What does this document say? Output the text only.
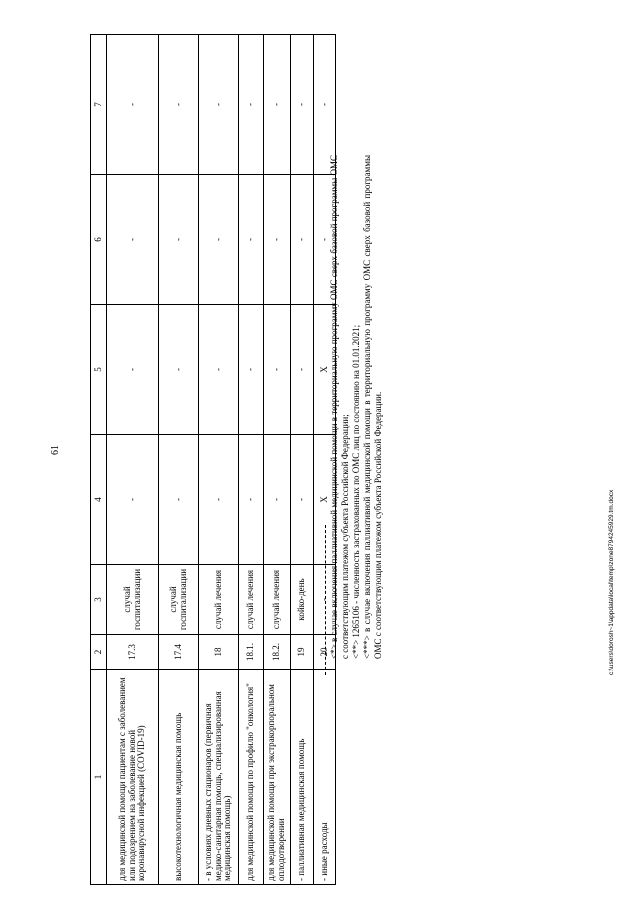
61
1	2	3	4	5	6	7
для медицинской помощи пациентам с заболеванием или подозрением на заболевание новой коронавирусной инфекцией (COVID-19)	17.3	случай госпитализации	-	-	-	-
высокотехнологичная медицинская помощь	17.4	случай госпитализации	-	-	-	-
- в условиях дневных стационаров (первичная медико-санитарная помощь, специализированная медицинская помощь)	18	случай лечения	-	-	-	-
для медицинской помощи по профилю "онкология"	18.1.	случай лечения	-	-	-	-
для медицинской помощи при экстракорпоральном оплодотворении	18.2.	случай лечения	-	-	-	-
- паллиативная медицинская помощь	19	койко-день	-	-	-	-
- иные расходы	20	-	X	X	-	-
<*> в случае включения паллиативной медицинской помощи в территориальную программу ОМС сверх базовой программы ОМС с соответствующим платежом субъекта Российской Федерации; <**> 1265106 - численность застрахованных по ОМС лиц по состоянию на 01.01.2021; <***> в случае включения паллиативной медицинской помощи в территориальную программу ОМС сверх базовой программы ОМС с соответствующим платежом субъекта Российской Федерации.	c:\users\dorosh~1\appdata\local\temp\zone8794245929.tm.docx
